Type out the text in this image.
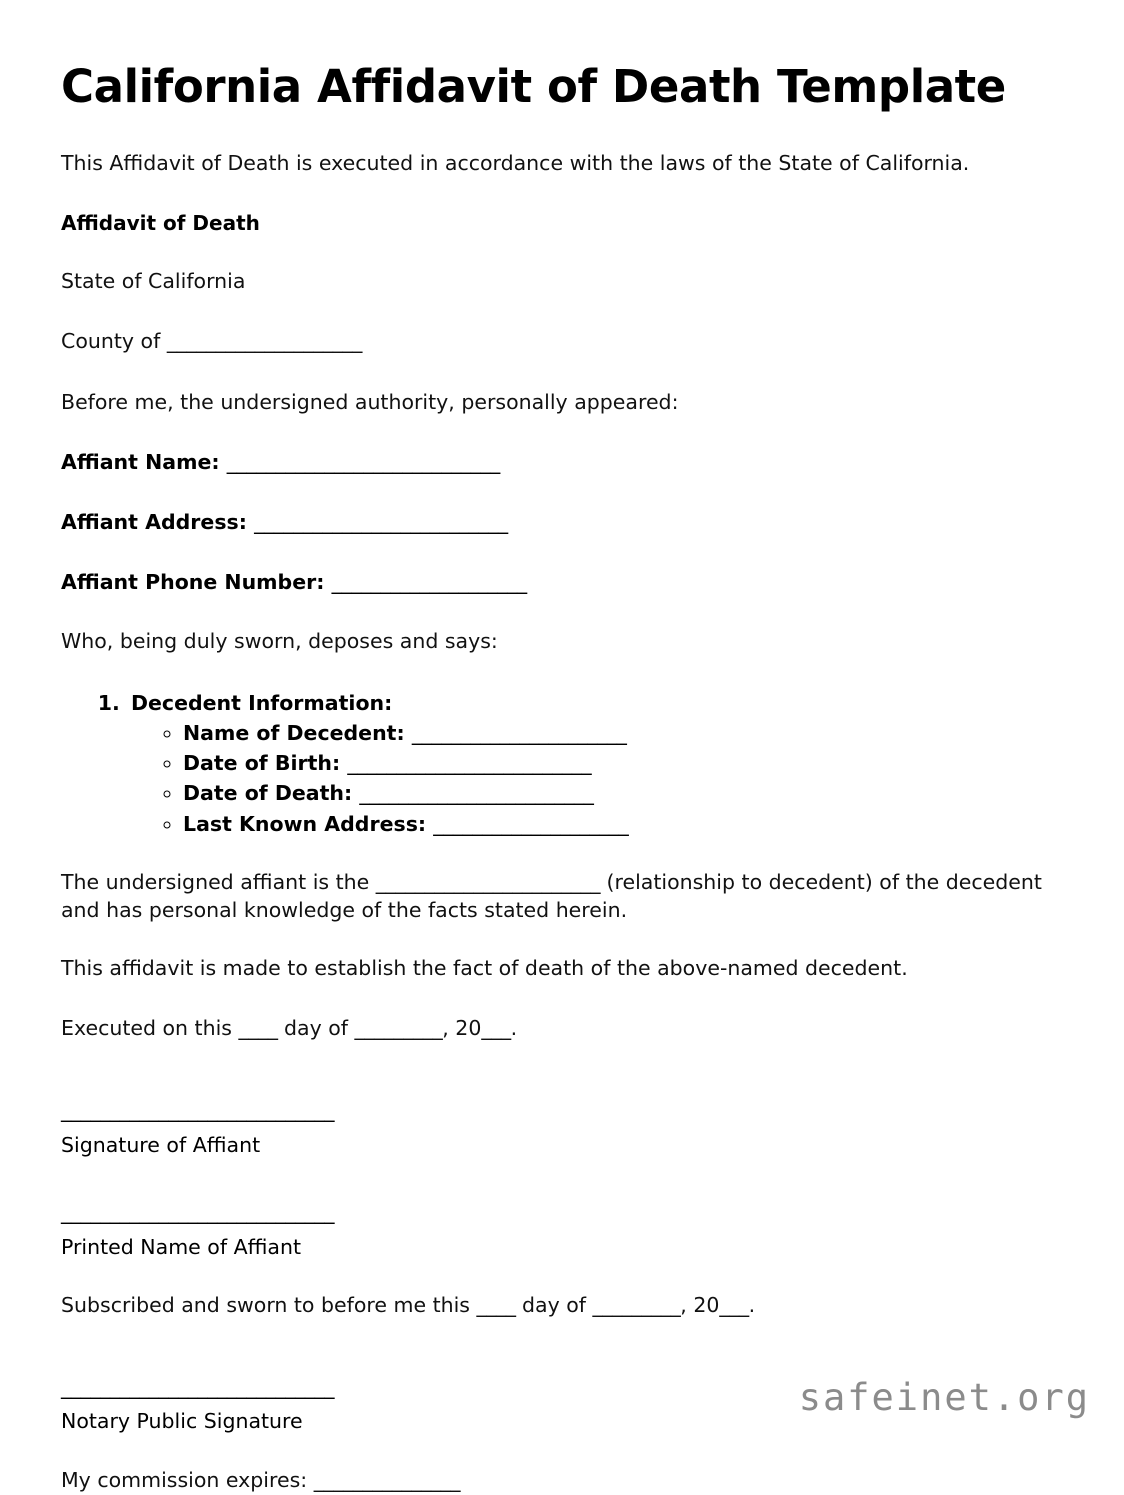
California Affidavit of Death Template

This Affidavit of Death is executed in accordance with the laws of the State of California.

Affidavit of Death

State of California

County of ____________________

Before me, the undersigned authority, personally appeared:

Affiant Name: ____________________________

Affiant Address: __________________________

Affiant Phone Number: ____________________

Who, being duly sworn, deposes and says:

1. Decedent Information:
◦ Name of Decedent: ______________________
◦ Date of Birth: _________________________
◦ Date of Death: ________________________
◦ Last Known Address: ____________________

The undersigned affiant is the _______________________ (relationship to decedent) of the decedent and has personal knowledge of the facts stated herein.

This affidavit is made to establish the fact of death of the above-named decedent.

Executed on this ____ day of _________, 20___.

____________________________

Signature of Affiant

____________________________

Printed Name of Affiant

Subscribed and sworn to before me this ____ day of _________, 20___.

____________________________

Notary Public Signature

My commission expires: _______________

safeinet.org
